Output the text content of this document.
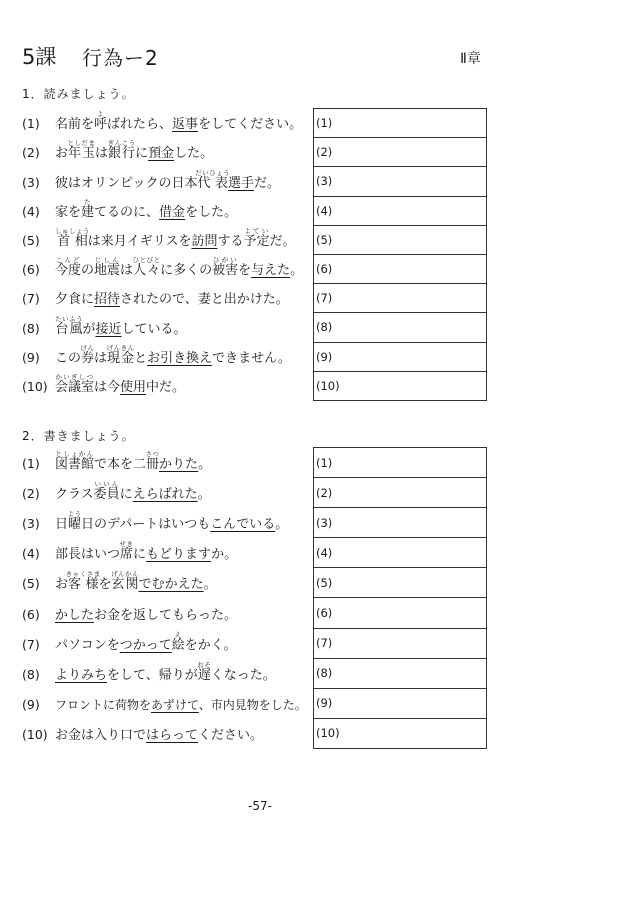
5課 行為ー2	Ⅱ章
1．読みましょう。
(1) 名前を呼よばれたら、返事をしてください。 (1)
(2) お年玉としだまは銀行ぎんこうに預金した。	(2)
(3) 彼はオリンピックの日本代表だいひょう選手だ。	(3)
(4) 家を建たてるのに、借金をした。	(4)
(5) 首相しゅしょうは来月イギリスを訪問する予定よていだ。 (5)
(6) 今度こんどの地震じしんは人々ひとびとに多くの被害ひがいを与えた。 (6)
(7) 夕食に招待されたので、妻と出かけた。 (7)
(8) 台風たいふうが接近している。	(8)
(9) この券けんは現金げんきんとお引き換えできません。 (9)
(10) 会議室かいぎしつは今使用中だ。	(10)
2．書きましょう。
(1) 図書館としょかんで本を二冊さつかりた。	(1)
(2) クラス委員いいんにえらばれた。	(2)
(3) 日曜よう日のデパートはいつもこんでいる。 (3)
(4) 部長はいつ席せきにもどりますか。	(4)
(5) お客様きゃくさまを玄関げんかんでむかえた。	(5)
(6) かしたお金を返してもらった。	(6)
(7) パソコンをつかって絵えをかく。	(7)
(8) よりみちをして、帰りが遅おそくなった。	(8)
(9) フロントに荷物をあずけて、市内見物をした。 (9)
(10) お金は入り口ではらってください。	(10)
-57-
